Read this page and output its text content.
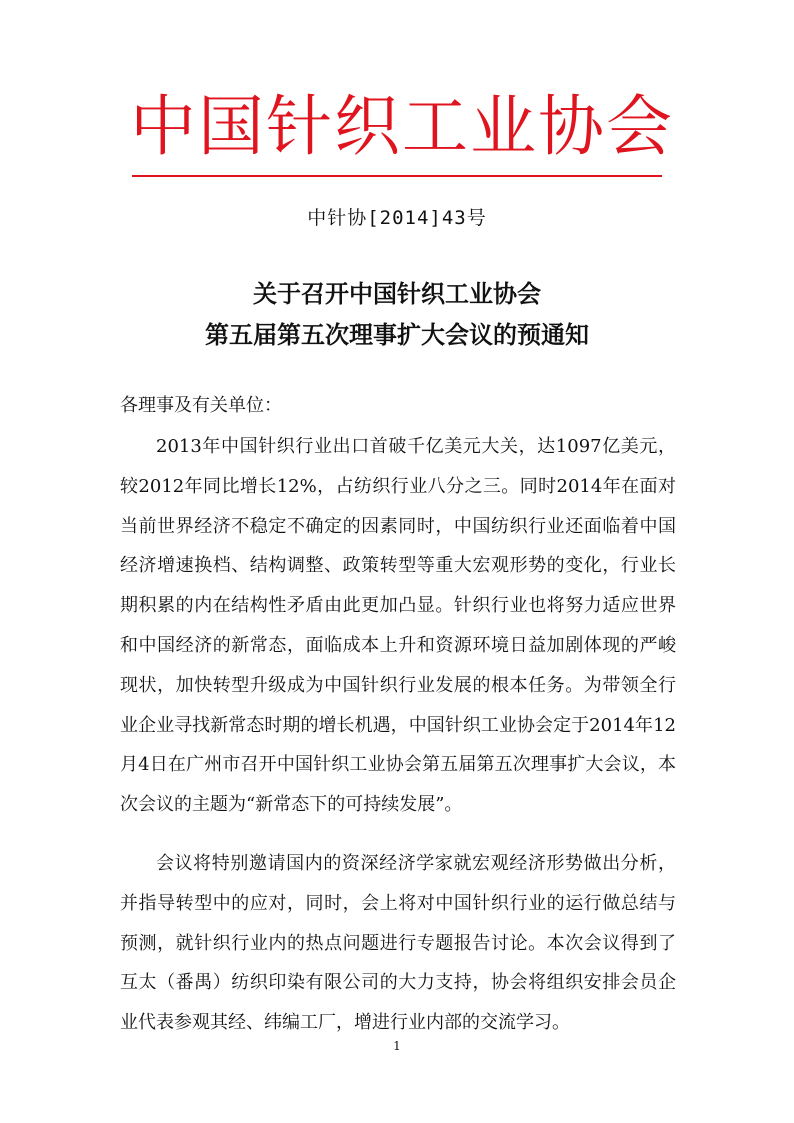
中国针织工业协会
中针协[2014]43号
关于召开中国针织工业协会
第五届第五次理事扩大会议的预通知
各理事及有关单位：

2013年中国针织行业出口首破千亿美元大关，达1097亿美元，较2012年同比增长12%，占纺织行业八分之三。同时2014年在面对当前世界经济不稳定不确定的因素同时，中国纺织行业还面临着中国经济增速换档、结构调整、政策转型等重大宏观形势的变化，行业长期积累的内在结构性矛盾由此更加凸显。针织行业也将努力适应世界和中国经济的新常态，面临成本上升和资源环境日益加剧体现的严峻现状，加快转型升级成为中国针织行业发展的根本任务。为带领全行业企业寻找新常态时期的增长机遇，中国针织工业协会定于2014年12月4日在广州市召开中国针织工业协会第五届第五次理事扩大会议，本次会议的主题为“新常态下的可持续发展”。

会议将特别邀请国内的资深经济学家就宏观经济形势做出分析，并指导转型中的应对，同时，会上将对中国针织行业的运行做总结与预测，就针织行业内的热点问题进行专题报告讨论。本次会议得到了互太（番禺）纺织印染有限公司的大力支持，协会将组织安排会员企业代表参观其经、纬编工厂，增进行业内部的交流学习。

1
